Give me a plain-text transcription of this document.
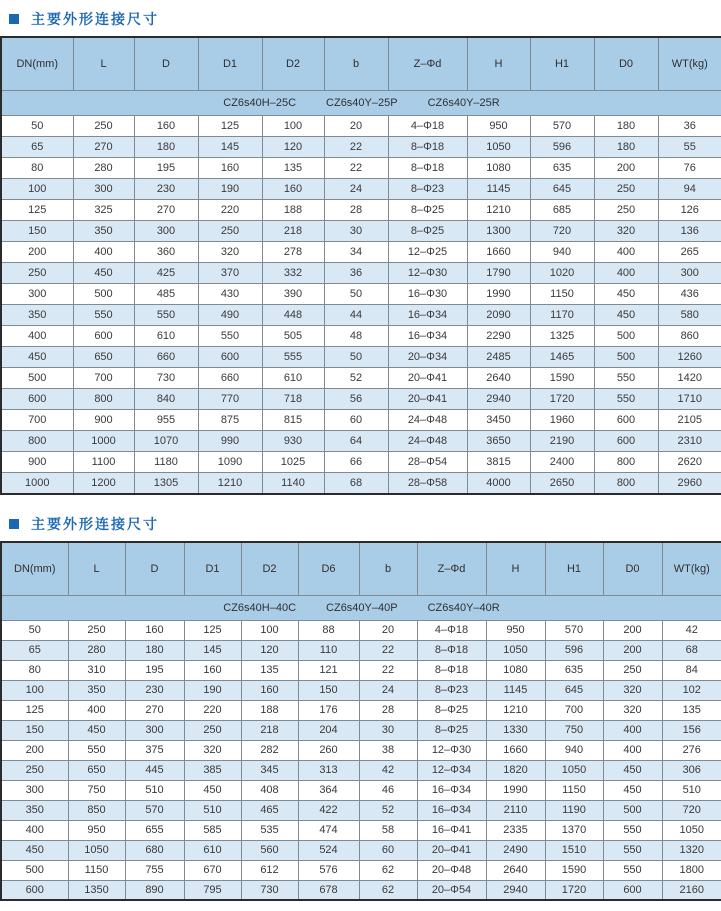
主要外形连接尺寸
DN(mm)	L	D	D1	D2	b	Z–Φd	H	H1	D0	WT(kg)
CZ6s40H–25C CZ6s40Y–25P CZ6s40Y–25R										
50	250	160	125	100	20	4–Φ18	950	570	180	36
65	270	180	145	120	22	8–Φ18	1050	596	180	55
80	280	195	160	135	22	8–Φ18	1080	635	200	76
100	300	230	190	160	24	8–Φ23	1145	645	250	94
125	325	270	220	188	28	8–Φ25	1210	685	250	126
150	350	300	250	218	30	8–Φ25	1300	720	320	136
200	400	360	320	278	34	12–Φ25	1660	940	400	265
250	450	425	370	332	36	12–Φ30	1790	1020	400	300
300	500	485	430	390	50	16–Φ30	1990	1150	450	436
350	550	550	490	448	44	16–Φ34	2090	1170	450	580
400	600	610	550	505	48	16–Φ34	2290	1325	500	860
450	650	660	600	555	50	20–Φ34	2485	1465	500	1260
500	700	730	660	610	52	20–Φ41	2640	1590	550	1420
600	800	840	770	718	56	20–Φ41	2940	1720	550	1710
700	900	955	875	815	60	24–Φ48	3450	1960	600	2105
800	1000	1070	990	930	64	24–Φ48	3650	2190	600	2310
900	1100	1180	1090	1025	66	28–Φ54	3815	2400	800	2620
1000	1200	1305	1210	1140	68	28–Φ58	4000	2650	800	2960
主要外形连接尺寸
DN(mm)	L	D	D1	D2	D6	b	Z–Φd	H	H1	D0	WT(kg)
CZ6s40H–40C CZ6s40Y–40P CZ6s40Y–40R											
50	250	160	125	100	88	20	4–Φ18	950	570	200	42
65	280	180	145	120	110	22	8–Φ18	1050	596	200	68
80	310	195	160	135	121	22	8–Φ18	1080	635	250	84
100	350	230	190	160	150	24	8–Φ23	1145	645	320	102
125	400	270	220	188	176	28	8–Φ25	1210	700	320	135
150	450	300	250	218	204	30	8–Φ25	1330	750	400	156
200	550	375	320	282	260	38	12–Φ30	1660	940	400	276
250	650	445	385	345	313	42	12–Φ34	1820	1050	450	306
300	750	510	450	408	364	46	16–Φ34	1990	1150	450	510
350	850	570	510	465	422	52	16–Φ34	2110	1190	500	720
400	950	655	585	535	474	58	16–Φ41	2335	1370	550	1050
450	1050	680	610	560	524	60	20–Φ41	2490	1510	550	1320
500	1150	755	670	612	576	62	20–Φ48	2640	1590	550	1800
600	1350	890	795	730	678	62	20–Φ54	2940	1720	600	2160
